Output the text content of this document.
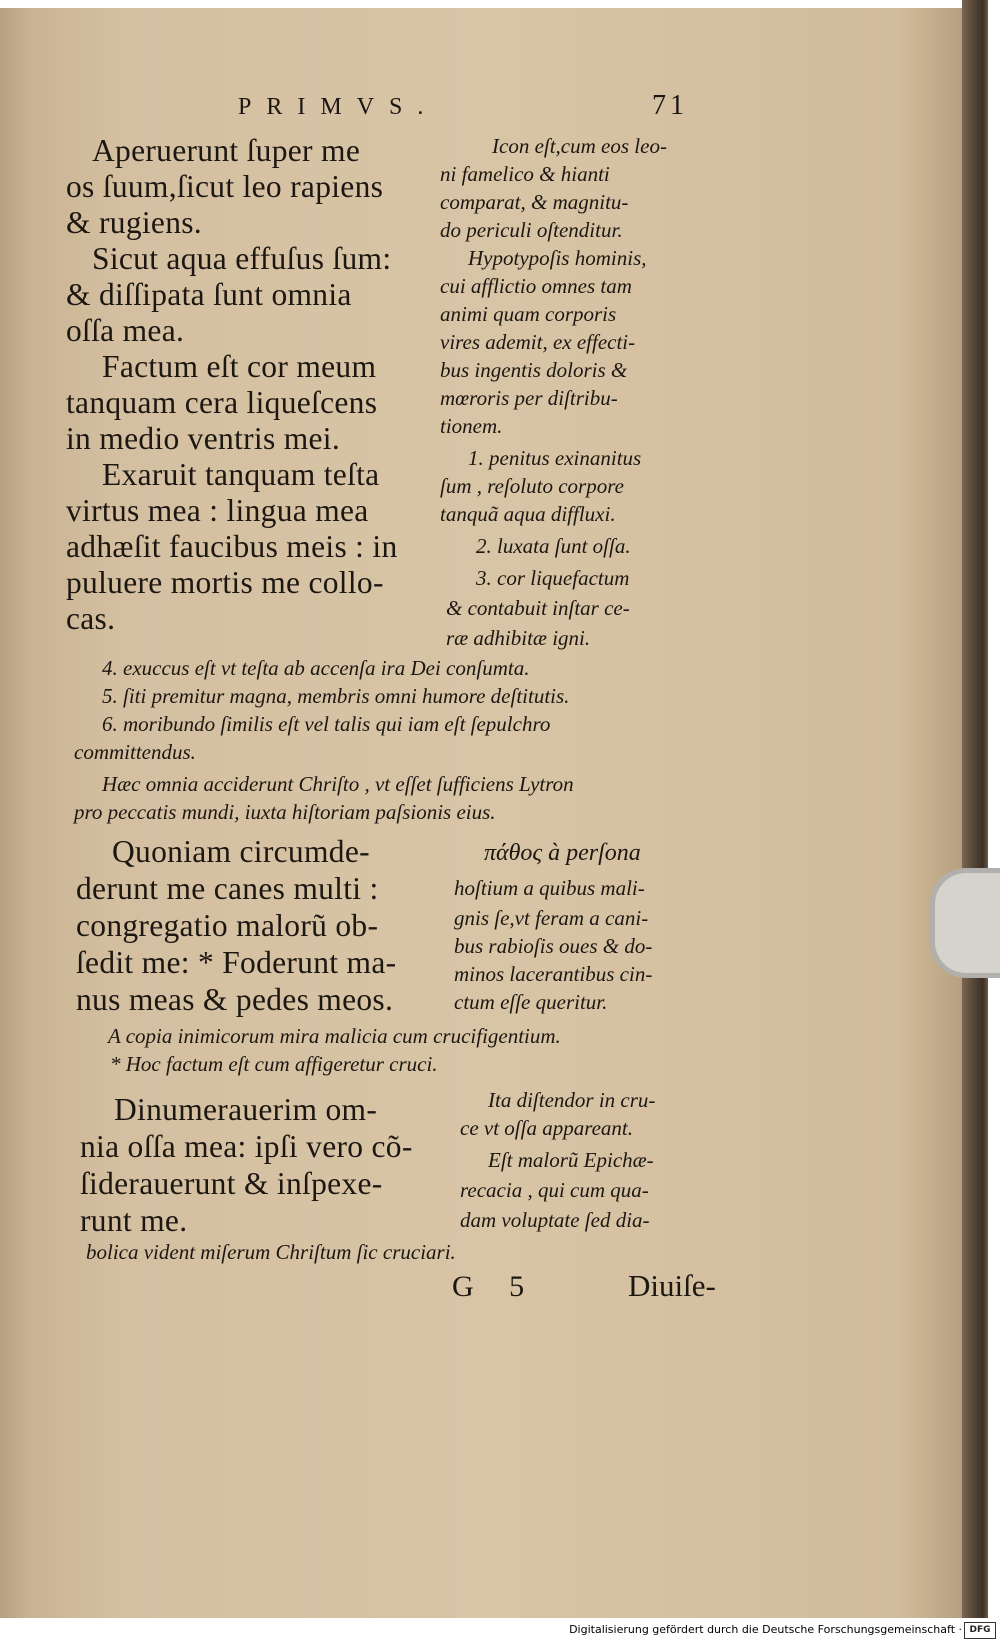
PRIMVS.	71
Aperuerunt ſuper me
os ſuum,ſicut leo rapiens
& rugiens.
Sicut aqua effuſus ſum:
& diſſipata ſunt omnia
oſſa mea.
Factum eſt cor meum
tanquam cera liqueſcens
in medio ventris mei.
Exaruit tanquam teſta
virtus mea : lingua mea
adhæſit faucibus meis : in
puluere mortis me collo-
cas.
Icon eſt,cum eos leo-
ni famelico & hianti
comparat, & magnitu-
do periculi oſtenditur.
Hypotypoſis hominis,
cui afflictio omnes tam
animi quam corporis
vires ademit, ex effecti-
bus ingentis doloris &
mœroris per diſtribu-
tionem.
1. penitus exinanitus
ſum , reſoluto corpore
tanquã aqua diffluxi.
2. luxata ſunt oſſa.
3. cor liquefactum
& contabuit inſtar ce-
ræ adhibitæ igni.
4. exuccus eſt vt teſta ab accenſa ira Dei conſumta.
5. ſiti premitur magna, membris omni humore deſtitutis.
6. moribundo ſimilis eſt vel talis qui iam eſt ſepulchro
committendus.
Hæc omnia acciderunt Chriſto , vt eſſet ſufficiens Lytron
pro peccatis mundi, iuxta hiſtoriam paſsionis eius.
Quoniam circumde-
derunt me canes multi :
congregatio malorũ ob-
ſedit me: * Foderunt ma-
nus meas & pedes meos.
πάθος à perſona
hoſtium a quibus mali-
gnis ſe,vt feram a cani-
bus rabioſis oues & do-
minos lacerantibus cin-
ctum eſſe queritur.
A copia inimicorum mira malicia cum crucifigentium.
* Hoc factum eſt cum affigeretur cruci.
Dinumerauerim om-
nia oſſa mea: ipſi vero cõ-
ſiderauerunt & inſpexe-
runt me.
Ita diſtendor in cru-
ce vt oſſa appareant.
Eſt malorũ Epichæ-
recacia , qui cum qua-
dam voluptate ſed dia-
bolica vident miſerum Chriſtum ſic cruciari.
G 5	Diuiſe-
Digitalisierung gefördert durch die Deutsche Forschungsgemeinschaft · DFG
